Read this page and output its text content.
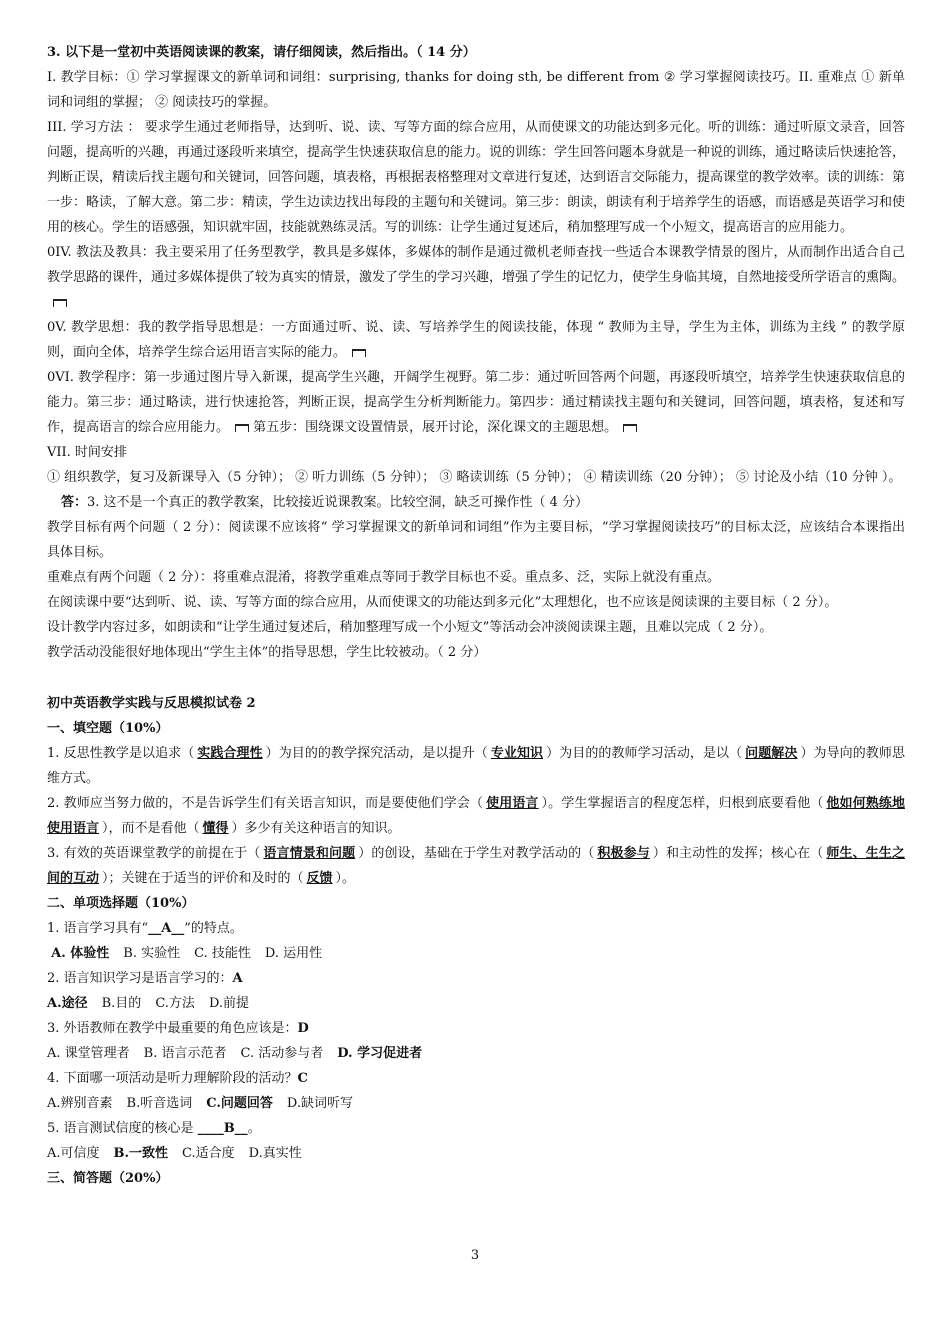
3. 以下是一堂初中英语阅读课的教案，请仔细阅读，然后指出。（ 14 分）

I. 教学目标：① 学习掌握课文的新单词和词组：surprising, thanks for doing sth, be different from ② 学习掌握阅读技巧。II. 重难点 ① 新单词和词组的掌握； ② 阅读技巧的掌握。

III. 学习方法 ： 要求学生通过老师指导，达到听、说、读、写等方面的综合应用，从而使课文的功能达到多元化。听的训练：通过听原文录音，回答问题，提高听的兴趣，再通过逐段听来填空，提高学生快速获取信息的能力。说的训练：学生回答问题本身就是一种说的训练，通过略读后快速抢答，判断正误，精读后找主题句和关键词，回答问题，填表格，再根据表格整理对文章进行复述，达到语言交际能力，提高课堂的教学效率。读的训练：第一步：略读，了解大意。第二步：精读，学生边读边找出每段的主题句和关键词。第三步：朗读，朗读有利于培养学生的语感，而语感是英语学习和使用的核心。学生的语感强，知识就牢固，技能就熟练灵活。写的训练：让学生通过复述后，稍加整理写成一个小短文，提高语言的应用能力。

0IV. 教法及教具：我主要采用了任务型教学，教具是多媒体，多媒体的制作是通过微机老师查找一些适合本课教学情景的图片，从而制作出适合自己教学思路的课件，通过多媒体提供了较为真实的情景，激发了学生的学习兴趣，增强了学生的记忆力，使学生身临其境，自然地接受所学语言的熏陶。

0V. 教学思想：我的教学指导思想是：一方面通过听、说、读、写培养学生的阅读技能，体现 “ 教师为主导，学生为主体，训练为主线 ” 的教学原则，面向全体，培养学生综合运用语言实际的能力。

0VI. 教学程序：第一步通过图片导入新课，提高学生兴趣，开阔学生视野。第二步：通过听回答两个问题，再逐段听填空，培养学生快速获取信息的能力。第三步：通过略读，进行快速抢答，判断正误，提高学生分析判断能力。第四步：通过精读找主题句和关键词，回答问题，填表格，复述和写作，提高语言的综合应用能力。 第五步：围绕课文设置情景，展开讨论，深化课文的主题思想。

VII. 时间安排

① 组织教学，复习及新课导入（5 分钟）； ② 听力训练（5 分钟）； ③ 略读训练（5 分钟）； ④ 精读训练（20 分钟）； ⑤ 讨论及小结（10 分钟 ）。

答：3. 这不是一个真正的教学教案，比较接近说课教案。比较空洞，缺乏可操作性（ 4 分）

教学目标有两个问题（ 2 分）：阅读课不应该将“ 学习掌握课文的新单词和词组”作为主要目标，“学习掌握阅读技巧”的目标太泛，应该结合本课指出具体目标。

重难点有两个问题（ 2 分）：将重难点混淆，将教学重难点等同于教学目标也不妥。重点多、泛，实际上就没有重点。

在阅读课中要“达到听、说、读、写等方面的综合应用，从而使课文的功能达到多元化”太理想化，也不应该是阅读课的主要目标（ 2 分）。

设计教学内容过多，如朗读和“让学生通过复述后，稍加整理写成一个小短文”等活动会冲淡阅读课主题，且难以完成（ 2 分）。

教学活动没能很好地体现出“学生主体”的指导思想，学生比较被动。（ 2 分）

初中英语教学实践与反思模拟试卷 2

一、填空题（10%）

1. 反思性教学是以追求（ 实践合理性 ）为目的的教学探究活动，是以提升（ 专业知识 ）为目的的教师学习活动，是以（ 问题解决 ）为导向的教师思维方式。

2. 教师应当努力做的，不是告诉学生们有关语言知识，而是要使他们学会（ 使用语言 ）。学生掌握语言的程度怎样，归根到底要看他（ 他如何熟练地使用语言 ），而不是看他（ 懂得 ）多少有关这种语言的知识。

3. 有效的英语课堂教学的前提在于（ 语言情景和问题 ）的创设，基础在于学生对教学活动的（ 积极参与 ）和主动性的发挥；核心在（ 师生、生生之间的互动 ）；关键在于适当的评价和及时的（ 反馈 ）。

二、单项选择题（10%）

1. 语言学习具有“__A__”的特点。

A. 体验性 B. 实验性 C. 技能性 D. 运用性

2. 语言知识学习是语言学习的：A

A.途径 B.目的 C.方法 D.前提

3. 外语教师在教学中最重要的角色应该是：D

A. 课堂管理者 B. 语言示范者 C. 活动参与者 D. 学习促进者

4. 下面哪一项活动是听力理解阶段的活动？C

A.辨别音素 B.听音选词 C.问题回答 D.缺词听写

5. 语言测试信度的核心是 ____B__。

A.可信度 B.一致性 C.适合度 D.真实性

三、简答题（20%）

3
